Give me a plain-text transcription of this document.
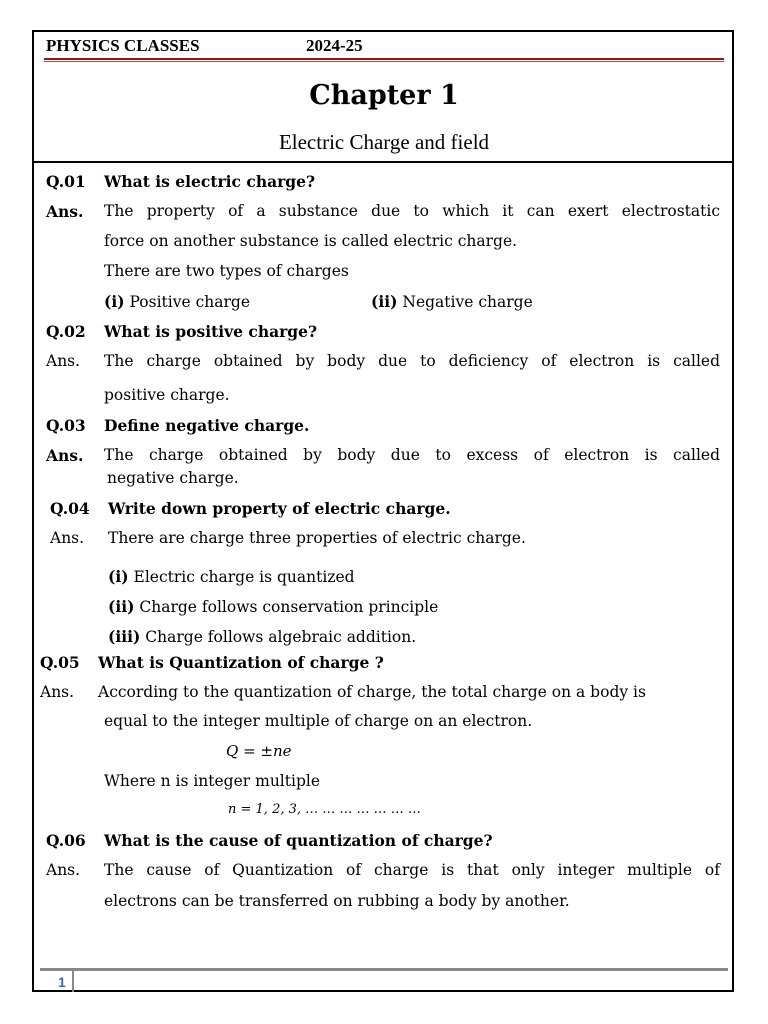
PHYSICS CLASSES	2024-25
Chapter 1
Electric Charge and field
Q.01 What is electric charge?
Ans. The property of a substance due to which it can exert electrostatic
force on another substance is called electric charge.
There are two types of charges
(i) Positive charge	(ii) Negative charge
Q.02 What is positive charge?
Ans. The charge obtained by body due to deficiency of electron is called
positive charge.
Q.03 Define negative charge.
Ans. The charge obtained by body due to excess of electron is called
negative charge.
Q.04 Write down property of electric charge.
Ans. There are charge three properties of electric charge.
(i) Electric charge is quantized
(ii) Charge follows conservation principle
(iii) Charge follows algebraic addition.
Q.05 What is Quantization of charge ?
Ans. According to the quantization of charge, the total charge on a body is
equal to the integer multiple of charge on an electron.
Q = ±ne
Where n is integer multiple
n = 1, 2, 3, … … … … … … …
Q.06 What is the cause of quantization of charge?
Ans. The cause of Quantization of charge is that only integer multiple of
electrons can be transferred on rubbing a body by another.
1
